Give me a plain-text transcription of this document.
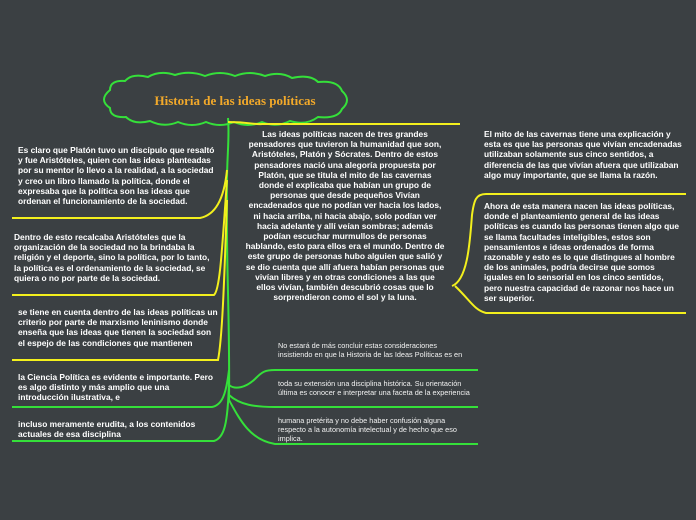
Historia de las ideas políticas
Las ideas políticas nacen de tres grandes pensadores que tuvieron la humanidad que son, Aristóteles, Platón y Sócrates. Dentro de estos pensadores nació una alegoría propuesta por Platón, que se titula el mito de las cavernas donde el explicaba que habían un grupo de personas que desde pequeños Vivían encadenados que no podían ver hacia los lados, ni hacia arriba, ni hacia abajo, solo podían ver hacia adelante y allí veían sombras; además podían escuchar murmullos de personas hablando, esto para ellos era el mundo. Dentro de este grupo de personas hubo alguien que salió y se dio cuenta que allí afuera habían personas que vivían libres y en otras condiciones a las que ellos vivían, también descubrió cosas que lo sorprendieron como el sol y la luna.
El mito de las cavernas tiene una explicación y esta es que las personas que vivían encadenadas utilizaban solamente sus cinco sentidos, a diferencia de las que vivían afuera que utilizaban algo muy importante, que se llama la razón.
Ahora de esta manera nacen las ideas políticas, donde el planteamiento general de las ideas políticas es cuando las personas tienen algo que se llama facultades inteligibles, estos son pensamientos e ideas ordenados de forma razonable y esto es lo que distingues al hombre de los animales, podría decirse que somos iguales en lo sensorial en los cinco sentidos, pero nuestra capacidad de razonar nos hace un ser superior.
Es claro que Platón tuvo un discípulo que resaltó y fue Aristóteles, quien con las ideas planteadas por su mentor lo llevo a la realidad, a la sociedad y creo un libro llamado la política, donde el expresaba que la política son las ideas que ordenan el funcionamiento de la sociedad.
Dentro de esto recalcaba Aristóteles que la organización de la sociedad no la brindaba la religión y el deporte, sino la política, por lo tanto, la política es el ordenamiento de la sociedad, se quiera o no por parte de la sociedad.
se tiene en cuenta dentro de las ideas políticas un criterio por parte de marxismo leninismo donde enseña que las ideas que tienen la sociedad son el espejo de las condiciones que mantienen
la Ciencia Política es evidente e importante. Pero es algo distinto y más amplio que una introducción ilustrativa, e
incluso meramente erudita, a los contenidos actuales de esa disciplina
No estará de más concluir estas consideraciones insistiendo en que la Historia de las Ideas Políticas es en
toda su extensión una disciplina histórica. Su orientación última es conocer e interpretar una faceta de la experiencia
humana pretérita y no debe haber confusión alguna respecto a la autonomía intelectual y de hecho que eso implica.
